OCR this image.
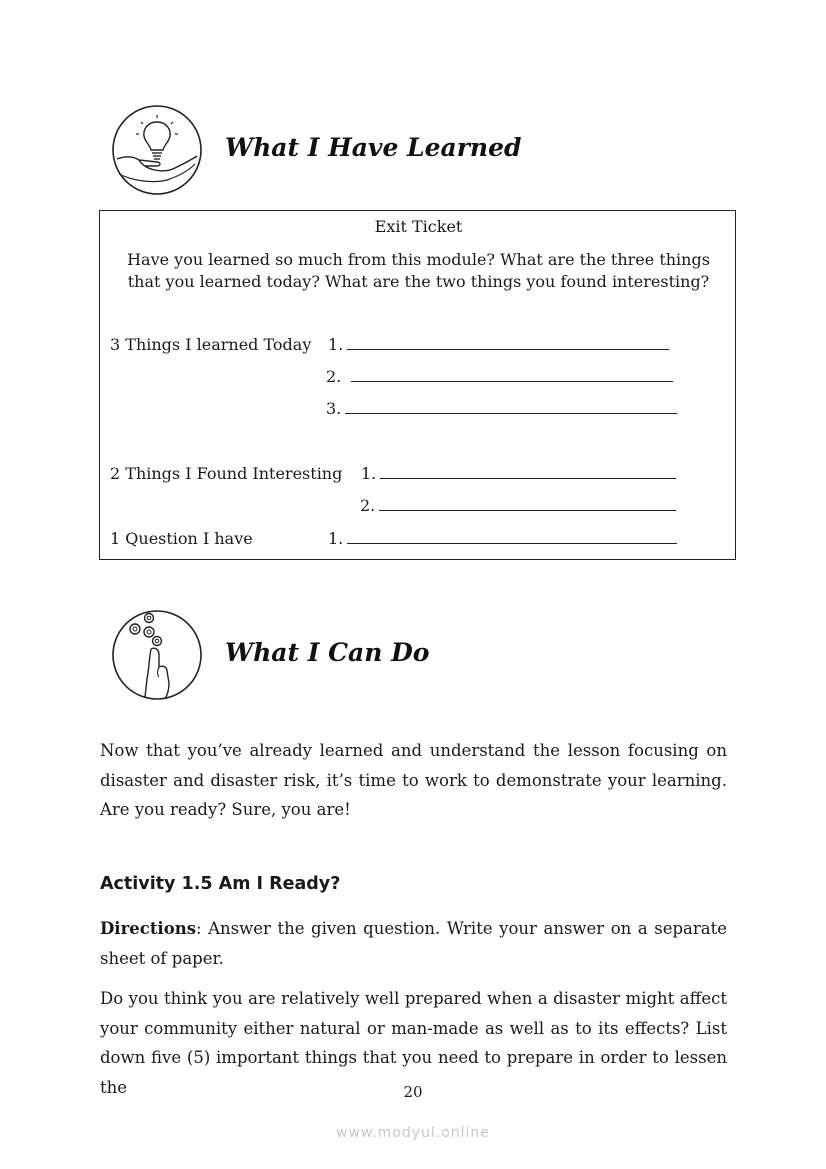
What I Have Learned
Exit Ticket
Have you learned so much from this module? What are the three things that you learned today? What are the two things you found interesting?
3 Things I learned Today 1.
2.
3.
2 Things I Found Interesting 1.
2.
1 Question I have	1.
What I Can Do
Now that you’ve already learned and understand the lesson focusing on disaster and disaster risk, it’s time to work to demonstrate your learning. Are you ready? Sure, you are!
Activity 1.5 Am I Ready?
Directions: Answer the given question. Write your answer on a separate sheet of paper.
Do you think you are relatively well prepared when a disaster might affect your community either natural or man-made as well as to its effects? List down five (5) important things that you need to prepare in order to lessen the	20
www.modyul.online
